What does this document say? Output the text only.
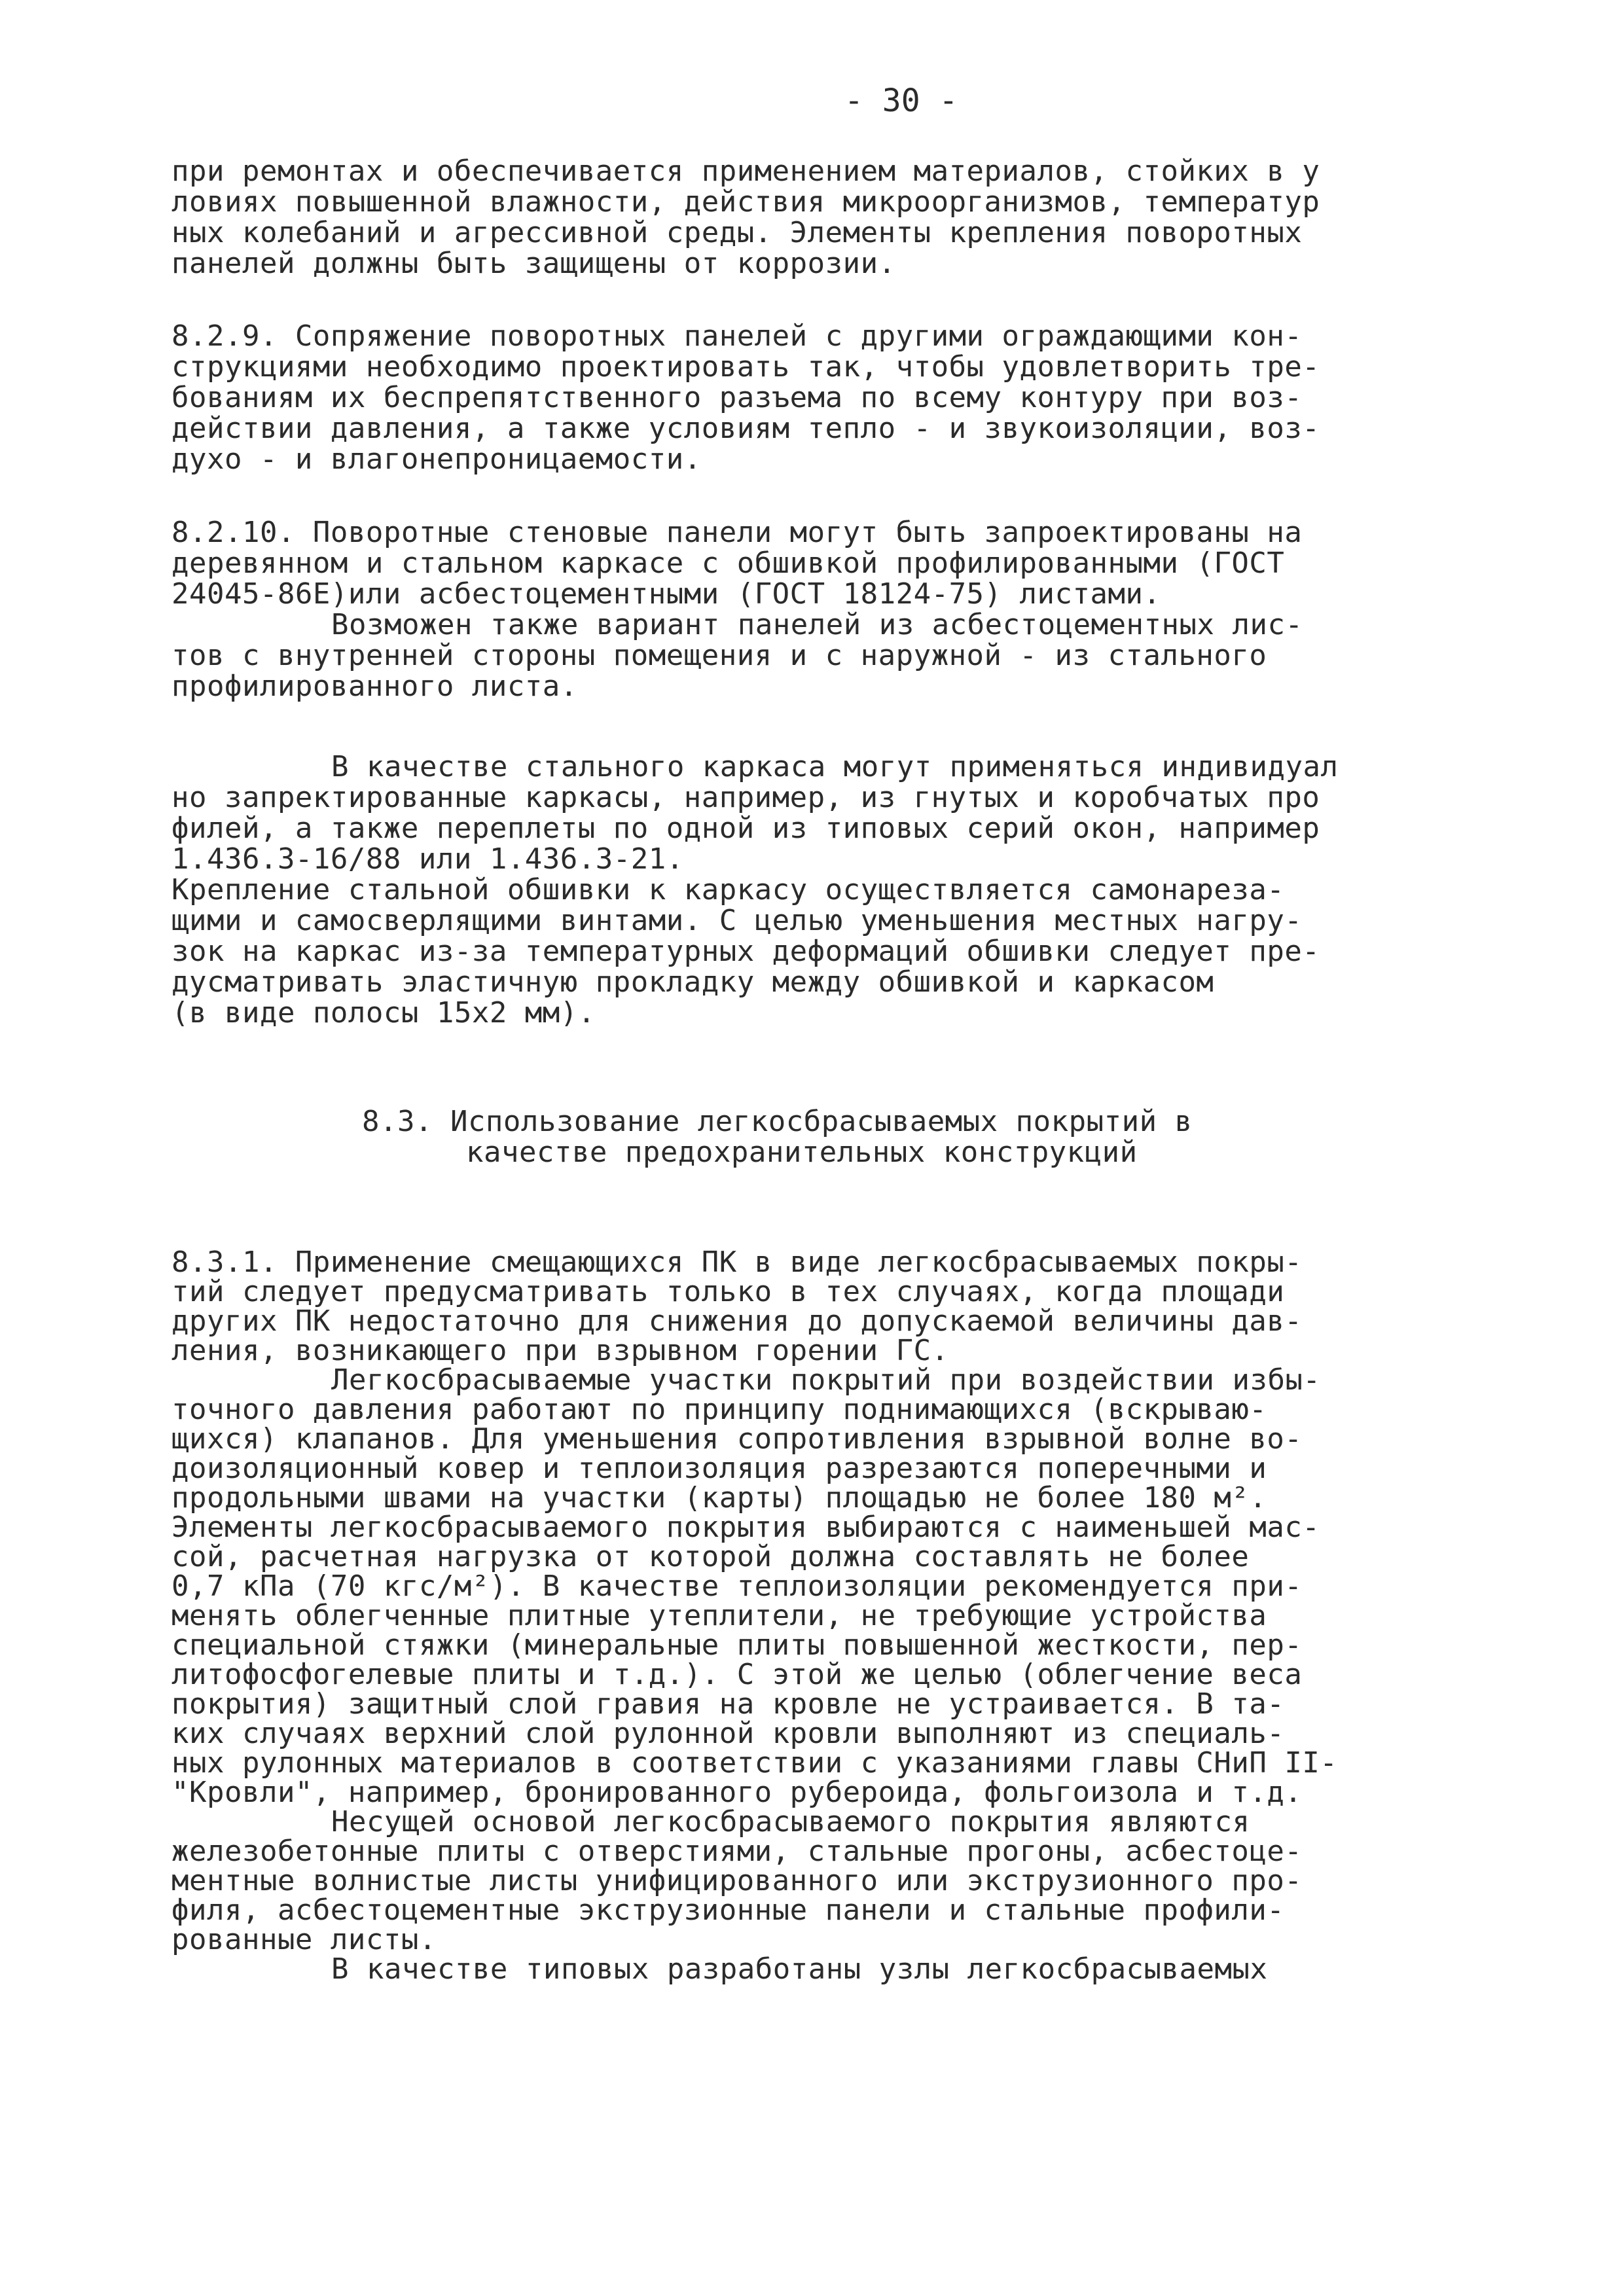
- 30 -
при ремонтах и обеспечивается применением материалов, стойких в у
ловиях повышенной влажности, действия микроорганизмов, температур
ных колебаний и агрессивной среды. Элементы крепления поворотных
панелей должны быть защищены от коррозии.
8.2.9. Сопряжение поворотных панелей с другими ограждающими кон-
струкциями необходимо проектировать так, чтобы удовлетворить тре-
бованиям их беспрепятственного разъема по всему контуру при воз-
действии давления, а также условиям тепло - и звукоизоляции, воз-
духо - и влагонепроницаемости.
8.2.10. Поворотные стеновые панели могут быть запроектированы на
деревянном и стальном каркасе с обшивкой профилированными (ГОСТ
24045-86Е)или асбестоцементными (ГОСТ 18124-75) листами.
Возможен также вариант панелей из асбестоцементных лис-
тов с внутренней стороны помещения и с наружной - из стального
профилированного листа.
В качестве стального каркаса могут применяться индивидуал
но запректированные каркасы, например, из гнутых и коробчатых про
филей, а также переплеты по одной из типовых серий окон, например
1.436.3-16/88 или 1.436.3-21.
Крепление стальной обшивки к каркасу осуществляется самонареза-
щими и самосверлящими винтами. С целью уменьшения местных нагру-
зок на каркас из-за температурных деформаций обшивки следует пре-
дусматривать эластичную прокладку между обшивкой и каркасом
(в виде полосы 15х2 мм).
8.3. Использование легкосбрасываемых покрытий в
качестве предохранительных конструкций
8.3.1. Применение смещающихся ПК в виде легкосбрасываемых покры-
тий следует предусматривать только в тех случаях, когда площади
других ПК недостаточно для снижения до допускаемой величины дав-
ления, возникающего при взрывном горении ГС.
Легкосбрасываемые участки покрытий при воздействии избы-
точного давления работают по принципу поднимающихся (вскрываю-
щихся) клапанов. Для уменьшения сопротивления взрывной волне во-
доизоляционный ковер и теплоизоляция разрезаются поперечными и
продольными швами на участки (карты) площадью не более 180 м².
Элементы легкосбрасываемого покрытия выбираются с наименьшей мас-
сой, расчетная нагрузка от которой должна составлять не более
0,7 кПа (70 кгс/м²). В качестве теплоизоляции рекомендуется при-
менять облегченные плитные утеплители, не требующие устройства
специальной стяжки (минеральные плиты повышенной жесткости, пер-
литофосфогелевые плиты и т.д.). С этой же целью (облегчение веса
покрытия) защитный слой гравия на кровле не устраивается. В та-
ких случаях верхний слой рулонной кровли выполняют из специаль-
ных рулонных материалов в соответствии с указаниями главы СНиП II-
"Кровли", например, бронированного рубероида, фольгоизола и т.д.
Несущей основой легкосбрасываемого покрытия являются
железобетонные плиты с отверстиями, стальные прогоны, асбестоце-
ментные волнистые листы унифицированного или экструзионного про-
филя, асбестоцементные экструзионные панели и стальные профили-
рованные листы.
В качестве типовых разработаны узлы легкосбрасываемых
